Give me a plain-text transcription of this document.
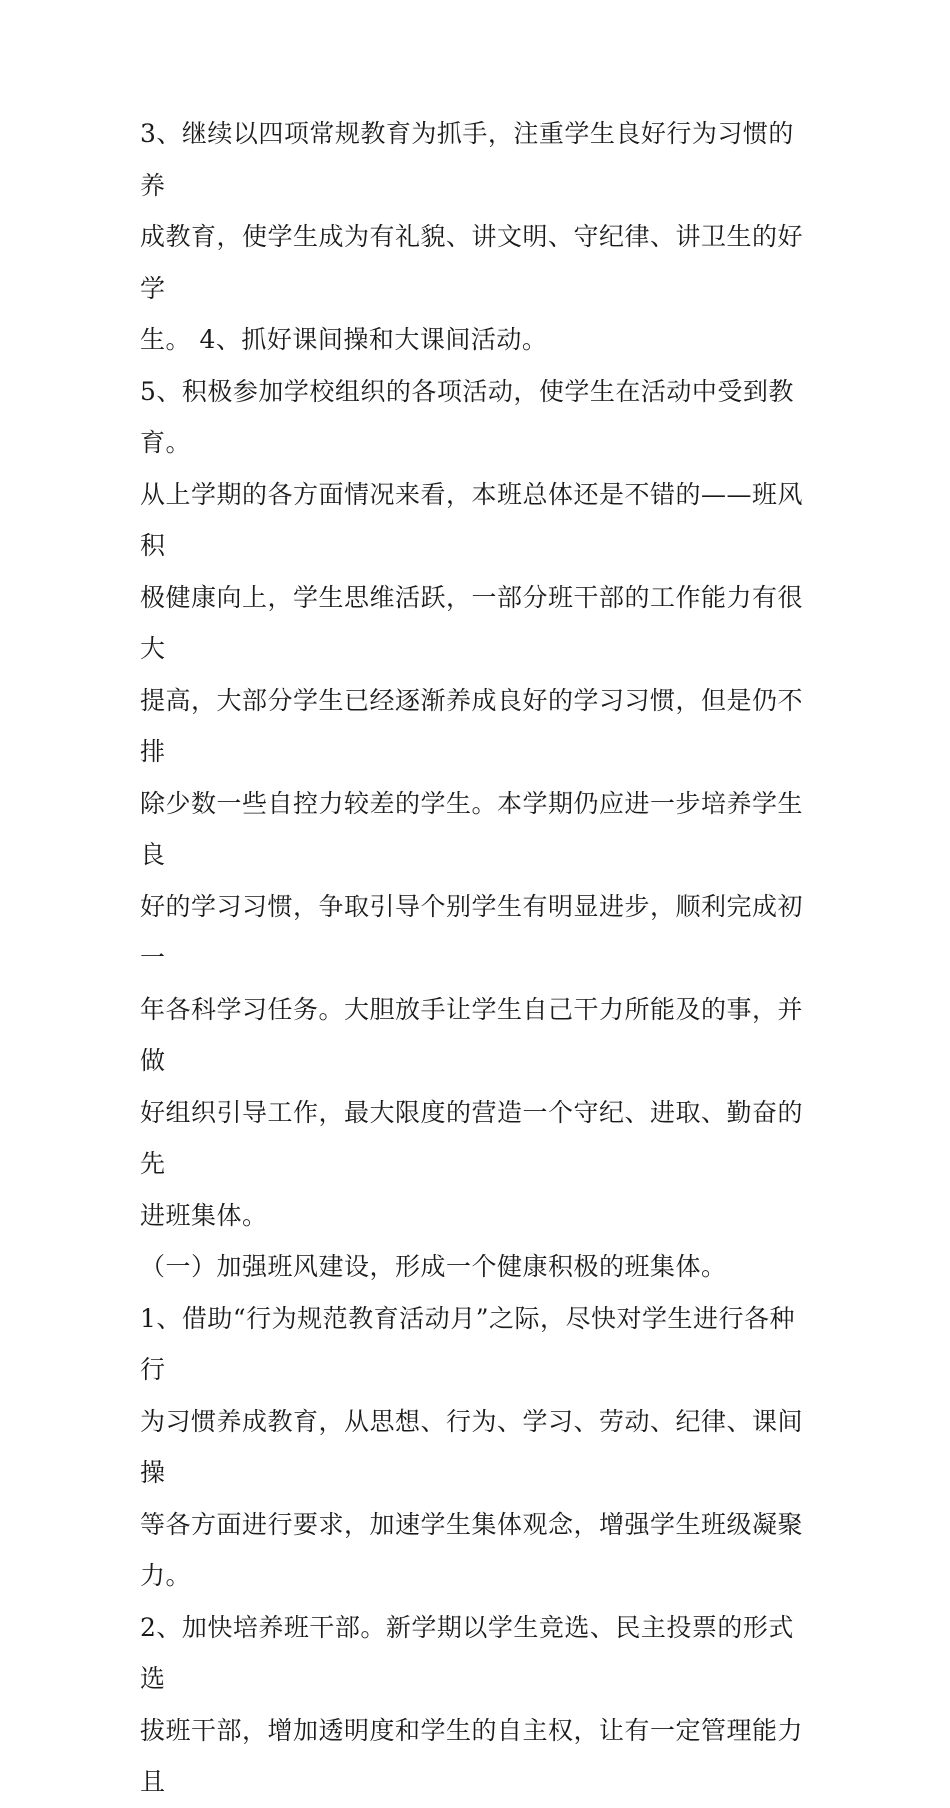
3、继续以四项常规教育为抓手，注重学生良好行为习惯的养
成教育，使学生成为有礼貌、讲文明、守纪律、讲卫生的好学
生。 4、抓好课间操和大课间活动。

5、积极参加学校组织的各项活动，使学生在活动中受到教
育。

从上学期的各方面情况来看，本班总体还是不错的——班风积
极健康向上，学生思维活跃，一部分班干部的工作能力有很大
提高，大部分学生已经逐渐养成良好的学习习惯，但是仍不排
除少数一些自控力较差的学生。本学期仍应进一步培养学生良
好的学习习惯，争取引导个别学生有明显进步，顺利完成初一
年各科学习任务。大胆放手让学生自己干力所能及的事，并做
好组织引导工作，最大限度的营造一个守纪、进取、勤奋的先
进班集体。

（一）加强班风建设，形成一个健康积极的班集体。

1、借助“行为规范教育活动月”之际，尽快对学生进行各种行
为习惯养成教育，从思想、行为、学习、劳动、纪律、课间操
等各方面进行要求，加速学生集体观念，增强学生班级凝聚
力。

2、加快培养班干部。新学期以学生竞选、民主投票的形式选
拔班干部，增加透明度和学生的自主权，让有一定管理能力且
